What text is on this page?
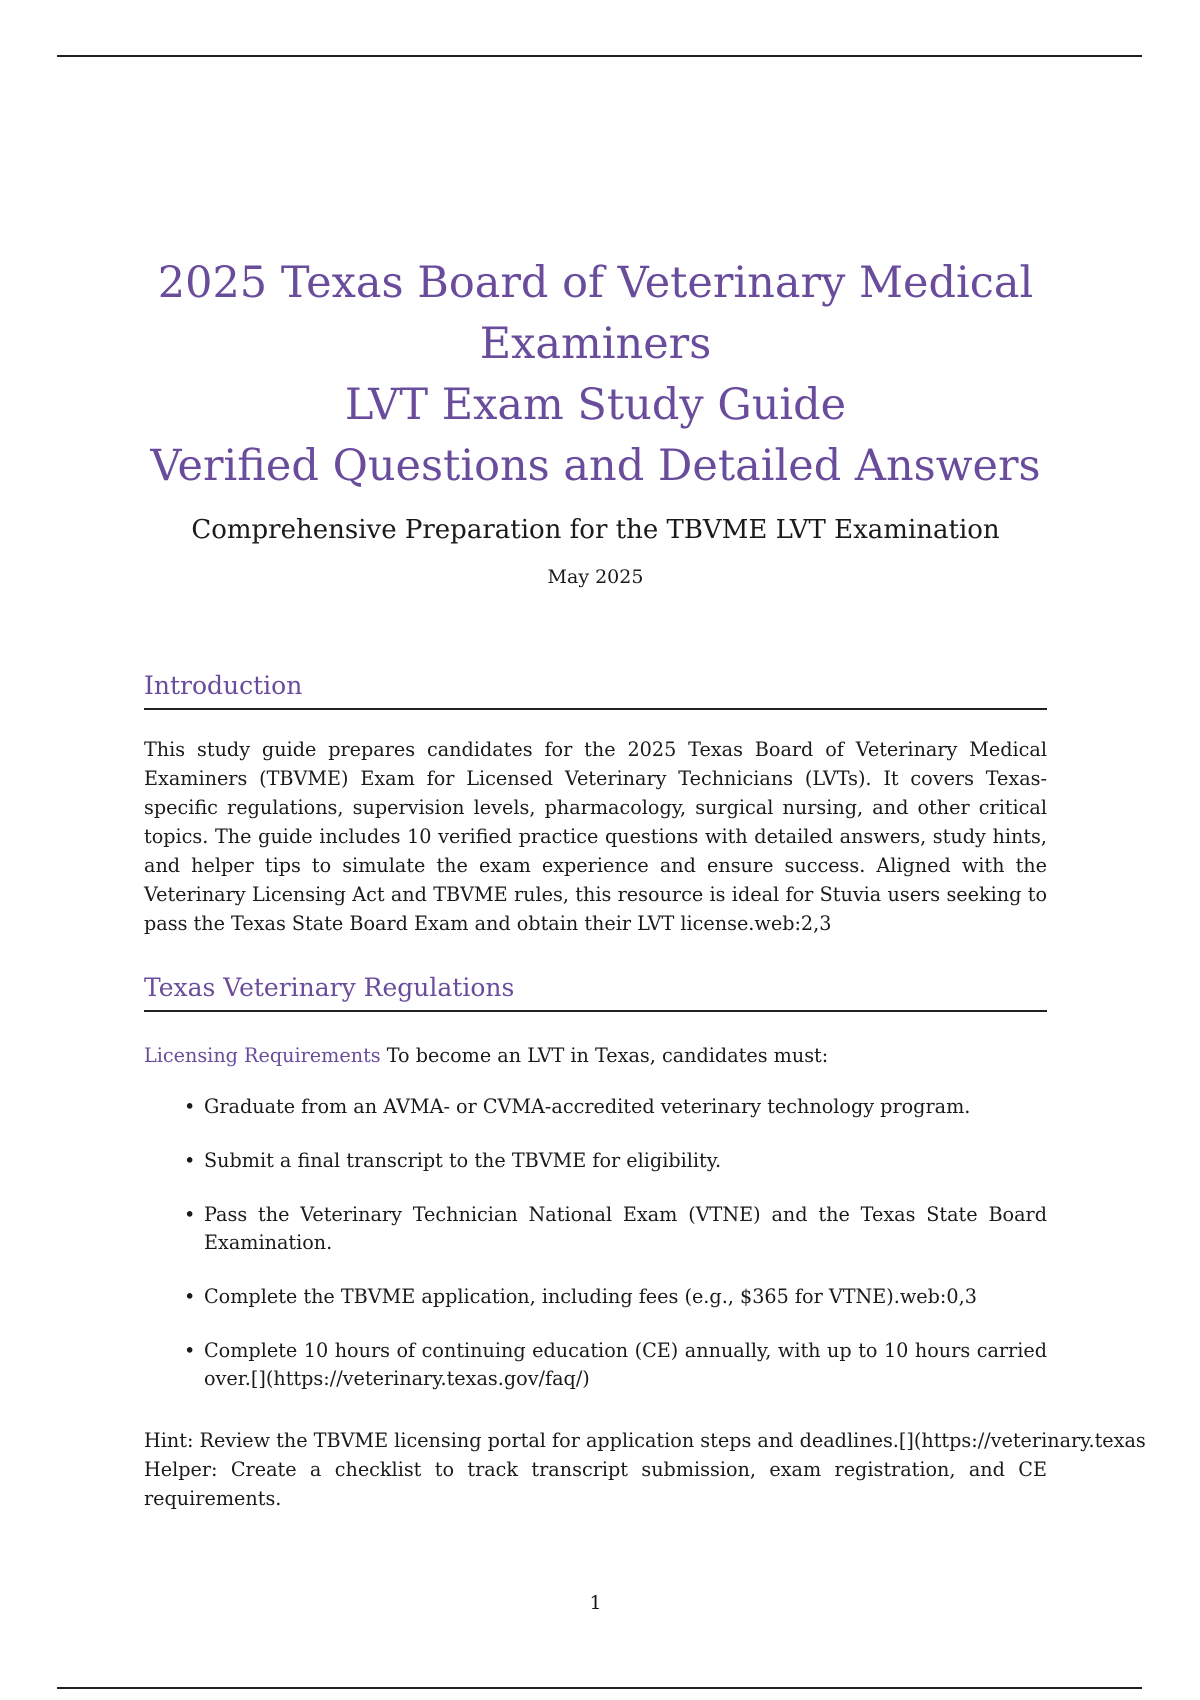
2025 Texas Board of Veterinary Medical
Examiners
LVT Exam Study Guide
Verified Questions and Detailed Answers
Comprehensive Preparation for the TBVME LVT Examination
May 2025
Introduction
This study guide prepares candidates for the 2025 Texas Board of Veterinary Medical Examiners (TBVME) Exam for Licensed Veterinary Technicians (LVTs). It covers Texas-specific regulations, supervision levels, pharmacology, surgical nursing, and other critical topics. The guide includes 10 verified practice questions with detailed answers, study hints, and helper tips to simulate the exam experience and ensure success. Aligned with the Veterinary Licensing Act and TBVME rules, this resource is ideal for Stuvia users seeking to pass the Texas State Board Exam and obtain their LVT license.web:2,3
Texas Veterinary Regulations
Licensing Requirements To become an LVT in Texas, candidates must:
• Graduate from an AVMA- or CVMA-accredited veterinary technology program.
• Submit a final transcript to the TBVME for eligibility.
• Pass the Veterinary Technician National Exam (VTNE) and the Texas State Board Examination.
• Complete the TBVME application, including fees (e.g., $365 for VTNE).web:0,3
• Complete 10 hours of continuing education (CE) annually, with up to 10 hours carried over.[](https://veterinary.texas.gov/faq/)
Hint: Review the TBVME licensing portal for application steps and deadlines.[](https://veterinary.texas
Helper: Create a checklist to track transcript submission, exam registration, and CE requirements.
1
